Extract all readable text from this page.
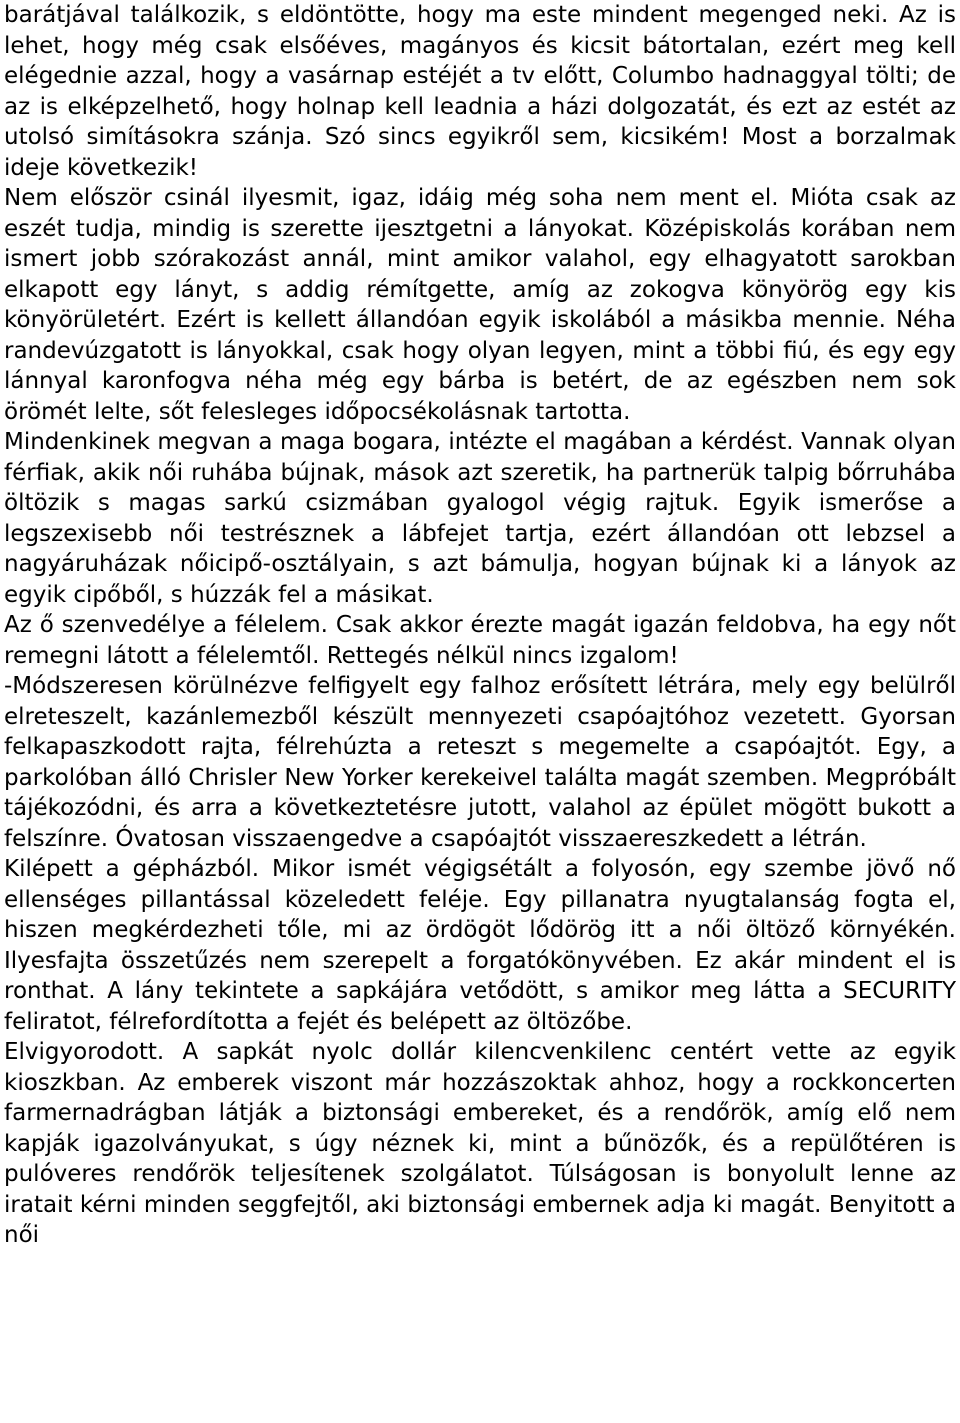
barátjával találkozik, s eldöntötte, hogy ma este mindent megenged neki. Az is lehet, hogy még csak elsőéves, magányos és kicsit bátortalan, ezért meg kell elégednie azzal, hogy a vasárnap estéjét a tv előtt, Columbo hadnaggyal tölti; de az is elképzelhető, hogy holnap kell leadnia a házi dolgozatát, és ezt az estét az utolsó simításokra szánja. Szó sincs egyikről sem, kicsikém! Most a borzalmak ideje következik!

Nem először csinál ilyesmit, igaz, idáig még soha nem ment el. Mióta csak az eszét tudja, mindig is szerette ijesztgetni a lányokat. Középiskolás korában nem ismert jobb szórakozást annál, mint amikor valahol, egy elhagyatott sarokban elkapott egy lányt, s addig rémítgette, amíg az zokogva könyörög egy kis könyörületért. Ezért is kellett állandóan egyik iskolából a másikba mennie. Néha randevúzgatott is lányokkal, csak hogy olyan legyen, mint a többi fiú, és egy egy lánnyal karonfogva néha még egy bárba is betért, de az egészben nem sok örömét lelte, sőt felesleges időpocsékolásnak tartotta.

Mindenkinek megvan a maga bogara, intézte el magában a kérdést. Vannak olyan férfiak, akik női ruhába bújnak, mások azt szeretik, ha partnerük talpig bőrruhába öltözik s magas sarkú csizmában gyalogol végig rajtuk. Egyik ismerőse a legszexisebb női testrésznek a lábfejet tartja, ezért állandóan ott lebzsel a nagyáruházak nőicipő-osztályain, s azt bámulja, hogyan bújnak ki a lányok az egyik cipőből, s húzzák fel a másikat.

Az ő szenvedélye a félelem. Csak akkor érezte magát igazán feldobva, ha egy nőt remegni látott a félelemtől. Rettegés nélkül nincs izgalom!

-Módszeresen körülnézve felfigyelt egy falhoz erősített létrára, mely egy belülről elreteszelt, kazánlemezből készült mennyezeti csapóajtóhoz vezetett. Gyorsan felkapaszkodott rajta, félrehúzta a reteszt s megemelte a csapóajtót. Egy, a parkolóban álló Chrisler New Yorker kerekeivel találta magát szemben. Megpróbált tájékozódni, és arra a következtetésre jutott, valahol az épület mögött bukott a felszínre. Óvatosan visszaengedve a csapóajtót visszaereszkedett a létrán.

Kilépett a gépházból. Mikor ismét végigsétált a folyosón, egy szembe jövő nő ellenséges pillantással közeledett feléje. Egy pillanatra nyugtalanság fogta el, hiszen megkérdezheti tőle, mi az ördögöt lődörög itt a női öltöző környékén. Ilyesfajta összetűzés nem szerepelt a forgatókönyvében. Ez akár mindent el is ronthat. A lány tekintete a sapkájára vetődött, s amikor meg látta a SECURITY feliratot, félrefordította a fejét és belépett az öltözőbe.

Elvigyorodott. A sapkát nyolc dollár kilencvenkilenc centért vette az egyik kioszkban. Az emberek viszont már hozzászoktak ahhoz, hogy a rockkoncerten farmernadrágban látják a biztonsági embereket, és a rendőrök, amíg elő nem kapják igazolványukat, s úgy néznek ki, mint a bűnözők, és a repülőtéren is pulóveres rendőrök teljesítenek szolgálatot. Túlságosan is bonyolult lenne az iratait kérni minden seggfejtől, aki biztonsági embernek adja ki magát. Benyitott a női
